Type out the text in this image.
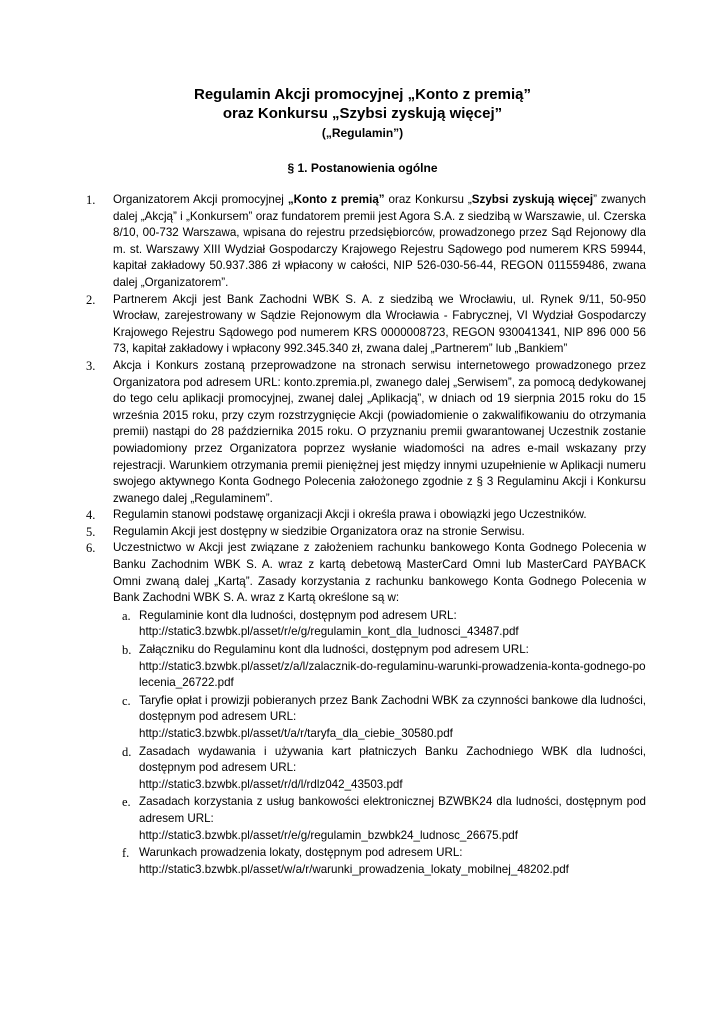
Regulamin Akcji promocyjnej „Konto z premią”
oraz Konkursu „Szybsi zyskują więcej”
(„Regulamin”)
§ 1. Postanowienia ogólne
1. Organizatorem Akcji promocyjnej „Konto z premią” oraz Konkursu „Szybsi zyskują więcej” zwanych dalej „Akcją” i „Konkursem” oraz fundatorem premii jest Agora S.A. z siedzibą w Warszawie, ul. Czerska 8/10, 00-732 Warszawa, wpisana do rejestru przedsiębiorców, prowadzonego przez Sąd Rejonowy dla m. st. Warszawy XIII Wydział Gospodarczy Krajowego Rejestru Sądowego pod numerem KRS 59944, kapitał zakładowy 50.937.386 zł wpłacony w całości, NIP 526-030-56-44, REGON 011559486, zwana dalej „Organizatorem”.
2. Partnerem Akcji jest Bank Zachodni WBK S. A. z siedzibą we Wrocławiu, ul. Rynek 9/11, 50-950 Wrocław, zarejestrowany w Sądzie Rejonowym dla Wrocławia - Fabrycznej, VI Wydział Gospodarczy Krajowego Rejestru Sądowego pod numerem KRS 0000008723, REGON 930041341, NIP 896 000 56 73, kapitał zakładowy i wpłacony 992.345.340 zł, zwana dalej „Partnerem” lub „Bankiem”
3. Akcja i Konkurs zostaną przeprowadzone na stronach serwisu internetowego prowadzonego przez Organizatora pod adresem URL: konto.zpremia.pl, zwanego dalej „Serwisem”, za pomocą dedykowanej do tego celu aplikacji promocyjnej, zwanej dalej „Aplikacją”, w dniach od 19 sierpnia 2015 roku do 15 września 2015 roku, przy czym rozstrzygnięcie Akcji (powiadomienie o zakwalifikowaniu do otrzymania premii) nastąpi do 28 października 2015 roku. O przyznaniu premii gwarantowanej Uczestnik zostanie powiadomiony przez Organizatora poprzez wysłanie wiadomości na adres e-mail wskazany przy rejestracji. Warunkiem otrzymania premii pieniężnej jest między innymi uzupełnienie w Aplikacji numeru swojego aktywnego Konta Godnego Polecenia założonego zgodnie z § 3 Regulaminu Akcji i Konkursu zwanego dalej „Regulaminem”.
4. Regulamin stanowi podstawę organizacji Akcji i określa prawa i obowiązki jego Uczestników.
5. Regulamin Akcji jest dostępny w siedzibie Organizatora oraz na stronie Serwisu.
6. Uczestnictwo w Akcji jest związane z założeniem rachunku bankowego Konta Godnego Polecenia w Banku Zachodnim WBK S. A. wraz z kartą debetową MasterCard Omni lub MasterCard PAYBACK Omni zwaną dalej „Kartą”. Zasady korzystania z rachunku bankowego Konta Godnego Polecenia w Bank Zachodni WBK S. A. wraz z Kartą określone są w:
a. Regulaminie kont dla ludności, dostępnym pod adresem URL:
http://static3.bzwbk.pl/asset/r/e/g/regulamin_kont_dla_ludnosci_43487.pdf
b. Załączniku do Regulaminu kont dla ludności, dostępnym pod adresem URL:
http://static3.bzwbk.pl/asset/z/a/l/zalacznik-do-regulaminu-warunki-prowadzenia-konta-godnego-polecenia_26722.pdf
c. Taryfie opłat i prowizji pobieranych przez Bank Zachodni WBK za czynności bankowe dla ludności, dostępnym pod adresem URL:
http://static3.bzwbk.pl/asset/t/a/r/taryfa_dla_ciebie_30580.pdf
d. Zasadach wydawania i używania kart płatniczych Banku Zachodniego WBK dla ludności, dostępnym pod adresem URL:
http://static3.bzwbk.pl/asset/r/d/l/rdlz042_43503.pdf
e. Zasadach korzystania z usług bankowości elektronicznej BZWBK24 dla ludności, dostępnym pod adresem URL:
http://static3.bzwbk.pl/asset/r/e/g/regulamin_bzwbk24_ludnosc_26675.pdf
f. Warunkach prowadzenia lokaty, dostępnym pod adresem URL:
http://static3.bzwbk.pl/asset/w/a/r/warunki_prowadzenia_lokaty_mobilnej_48202.pdf
